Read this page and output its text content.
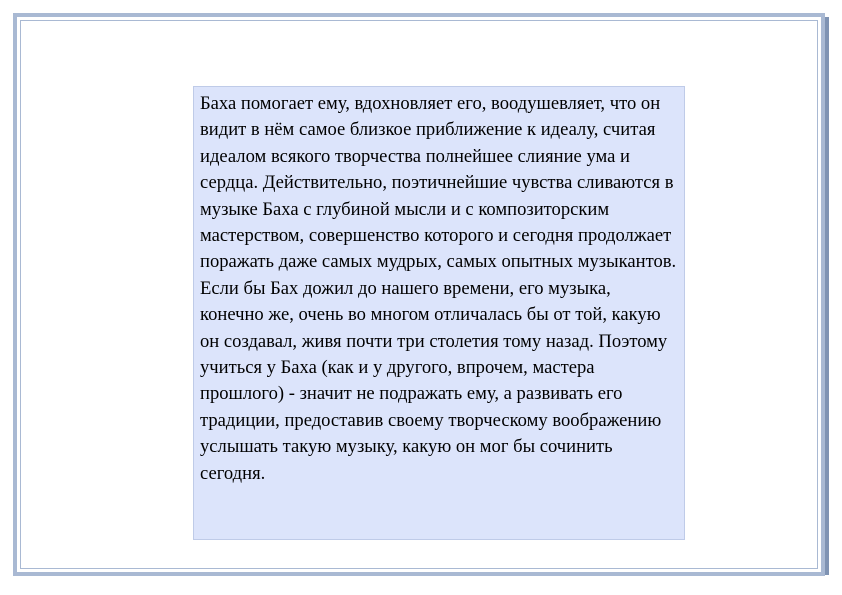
Баха помогает ему, вдохновляет его, воодушевляет, что он видит в нём самое близкое приближение к идеалу, считая идеалом всякого творчества полнейшее слияние ума и сердца. Действительно, поэтичнейшие чувства сливаются в музыке Баха с глубиной мысли и с композиторским мастерством, совершенство которого и сегодня продолжает поражать даже самых мудрых, самых опытных музыкантов.

Если бы Бах дожил до нашего времени, его музыка, конечно же, очень во многом отличалась бы от той, какую он создавал, живя почти три столетия тому назад. Поэтому учиться у Баха (как и у другого, впрочем, мастера прошлого) - значит не подражать ему, а развивать его традиции, предоставив своему творческому воображению услышать такую музыку, какую он мог бы сочинить сегодня.
